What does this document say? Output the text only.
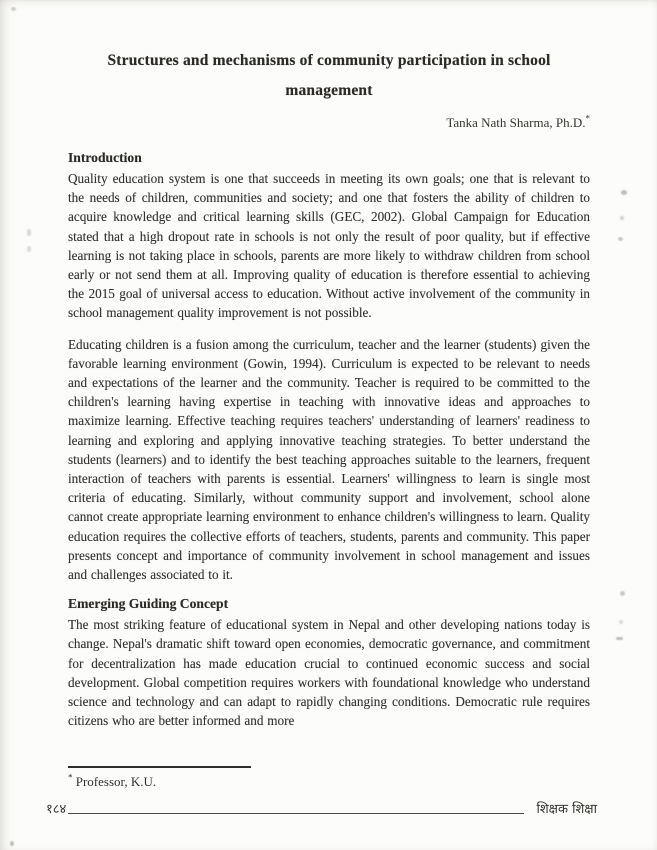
Structures and mechanisms of community participation in school management
Tanka Nath Sharma, Ph.D.*
Introduction

Quality education system is one that succeeds in meeting its own goals; one that is relevant to the needs of children, communities and society; and one that fosters the ability of children to acquire knowledge and critical learning skills (GEC, 2002). Global Campaign for Education stated that a high dropout rate in schools is not only the result of poor quality, but if effective learning is not taking place in schools, parents are more likely to withdraw children from school early or not send them at all. Improving quality of education is therefore essential to achieving the 2015 goal of universal access to education. Without active involvement of the community in school management quality improvement is not possible.

Educating children is a fusion among the curriculum, teacher and the learner (students) given the favorable learning environment (Gowin, 1994). Curriculum is expected to be relevant to needs and expectations of the learner and the community. Teacher is required to be committed to the children's learning having expertise in teaching with innovative ideas and approaches to maximize learning. Effective teaching requires teachers' understanding of learners' readiness to learning and exploring and applying innovative teaching strategies. To better understand the students (learners) and to identify the best teaching approaches suitable to the learners, frequent interaction of teachers with parents is essential. Learners' willingness to learn is single most criteria of educating. Similarly, without community support and involvement, school alone cannot create appropriate learning environment to enhance children's willingness to learn. Quality education requires the collective efforts of teachers, students, parents and community. This paper presents concept and importance of community involvement in school management and issues and challenges associated to it.

Emerging Guiding Concept

The most striking feature of educational system in Nepal and other developing nations today is change. Nepal's dramatic shift toward open economies, democratic governance, and commitment for decentralization has made education crucial to continued economic success and social development. Global competition requires workers with foundational knowledge who understand science and technology and can adapt to rapidly changing conditions. Democratic rule requires citizens who are better informed and more

* Professor, K.U.
१८४	शिक्षक शिक्षा
